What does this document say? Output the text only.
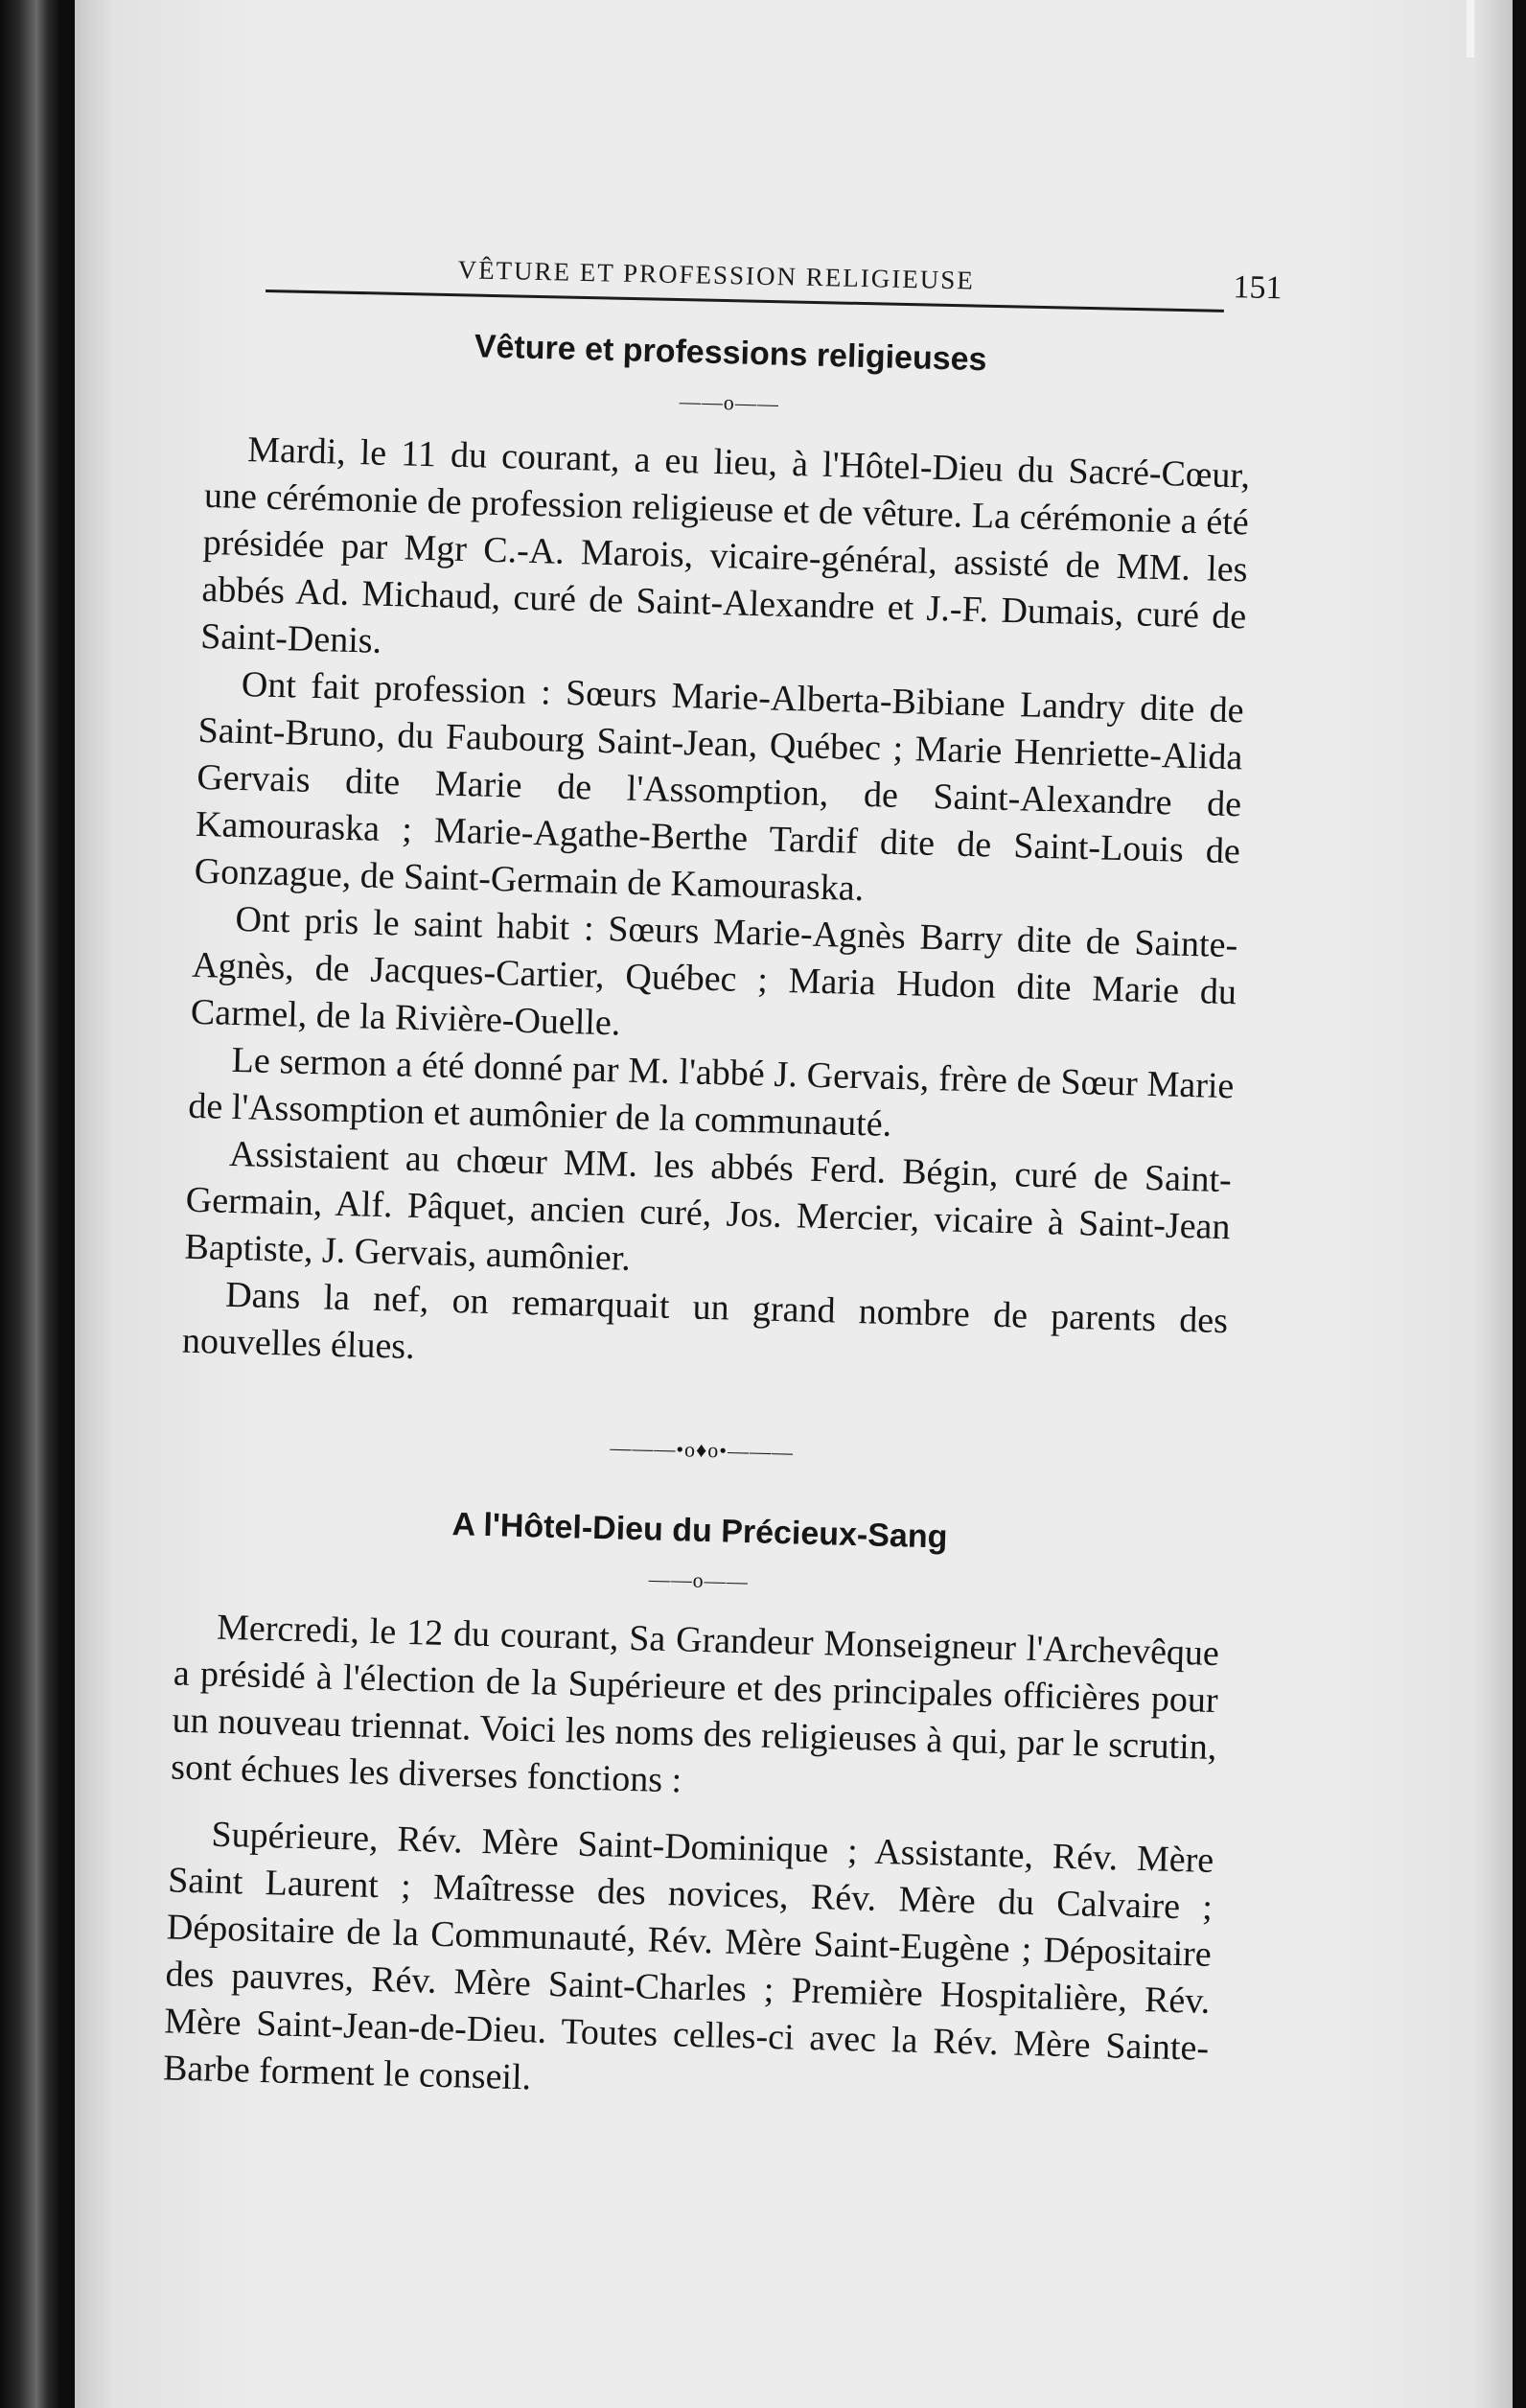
VÊTURE ET PROFESSION RELIGIEUSE	151
Vêture et professions religieuses
——o——

Mardi, le 11 du courant, a eu lieu, à l'Hôtel-Dieu du Sacré-Cœur, une cérémonie de profession religieuse et de vêture. La cérémonie a été présidée par Mgr C.-A. Marois, vicaire-général, assisté de MM. les abbés Ad. Michaud, curé de Saint-Alexandre et J.-F. Dumais, curé de Saint-Denis.

Ont fait profession : Sœurs Marie-Alberta-Bibiane Landry dite de Saint-Bruno, du Faubourg Saint-Jean, Québec ; Marie Henriette-Alida Gervais dite Marie de l'Assomption, de Saint-Alexandre de Kamouraska ; Marie-Agathe-Berthe Tardif dite de Saint-Louis de Gonzague, de Saint-Germain de Kamouraska.

Ont pris le saint habit : Sœurs Marie-Agnès Barry dite de Sainte-Agnès, de Jacques-Cartier, Québec ; Maria Hudon dite Marie du Carmel, de la Rivière-Ouelle.

Le sermon a été donné par M. l'abbé J. Gervais, frère de Sœur Marie de l'Assomption et aumônier de la communauté.

Assistaient au chœur MM. les abbés Ferd. Bégin, curé de Saint-Germain, Alf. Pâquet, ancien curé, Jos. Mercier, vicaire à Saint-Jean Baptiste, J. Gervais, aumônier.

Dans la nef, on remarquait un grand nombre de parents des nouvelles élues.

———•o♦o•———
A l'Hôtel-Dieu du Précieux-Sang
——o——

Mercredi, le 12 du courant, Sa Grandeur Monseigneur l'Archevêque a présidé à l'élection de la Supérieure et des principales officières pour un nouveau triennat. Voici les noms des religieuses à qui, par le scrutin, sont échues les diverses fonctions :

Supérieure, Rév. Mère Saint-Dominique ; Assistante, Rév. Mère Saint Laurent ; Maîtresse des novices, Rév. Mère du Calvaire ; Dépositaire de la Communauté, Rév. Mère Saint-Eugène ; Dépositaire des pauvres, Rév. Mère Saint-Charles ; Première Hospitalière, Rév. Mère Saint-Jean-de-Dieu. Toutes celles-ci avec la Rév. Mère Sainte-Barbe forment le conseil.
